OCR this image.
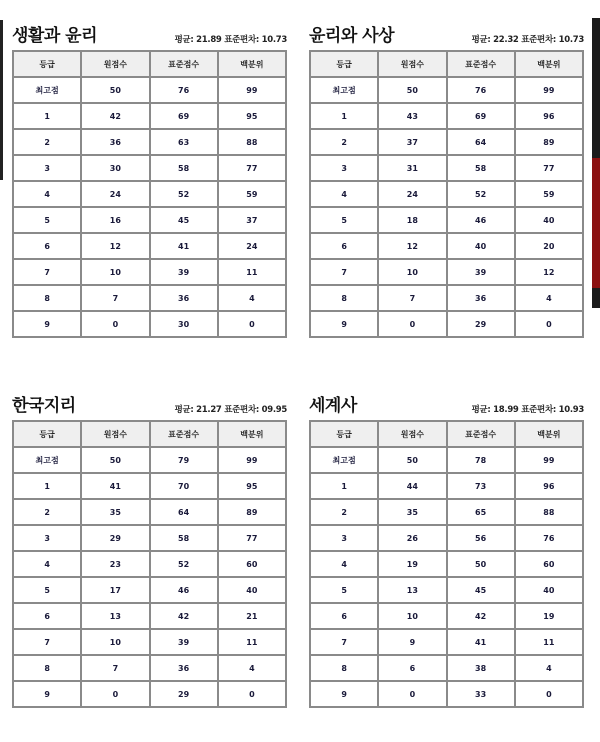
생활과 윤리	평균: 21.89 표준편차: 10.73
등급	원점수	표준점수	백분위
최고점	50	76	99
1	42	69	95
2	36	63	88
3	30	58	77
4	24	52	59
5	16	45	37
6	12	41	24
7	10	39	11
8	7	36	4
9	0	30	0
윤리와 사상	평균: 22.32 표준편차: 10.73
등급	원점수	표준점수	백분위
최고점	50	76	99
1	43	69	96
2	37	64	89
3	31	58	77
4	24	52	59
5	18	46	40
6	12	40	20
7	10	39	12
8	7	36	4
9	0	29	0
한국지리	평균: 21.27 표준편차: 09.95
등급	원점수	표준점수	백분위
최고점	50	79	99
1	41	70	95
2	35	64	89
3	29	58	77
4	23	52	60
5	17	46	40
6	13	42	21
7	10	39	11
8	7	36	4
9	0	29	0
세계사	평균: 18.99 표준편차: 10.93
등급	원점수	표준점수	백분위
최고점	50	78	99
1	44	73	96
2	35	65	88
3	26	56	76
4	19	50	60
5	13	45	40
6	10	42	19
7	9	41	11
8	6	38	4
9	0	33	0
